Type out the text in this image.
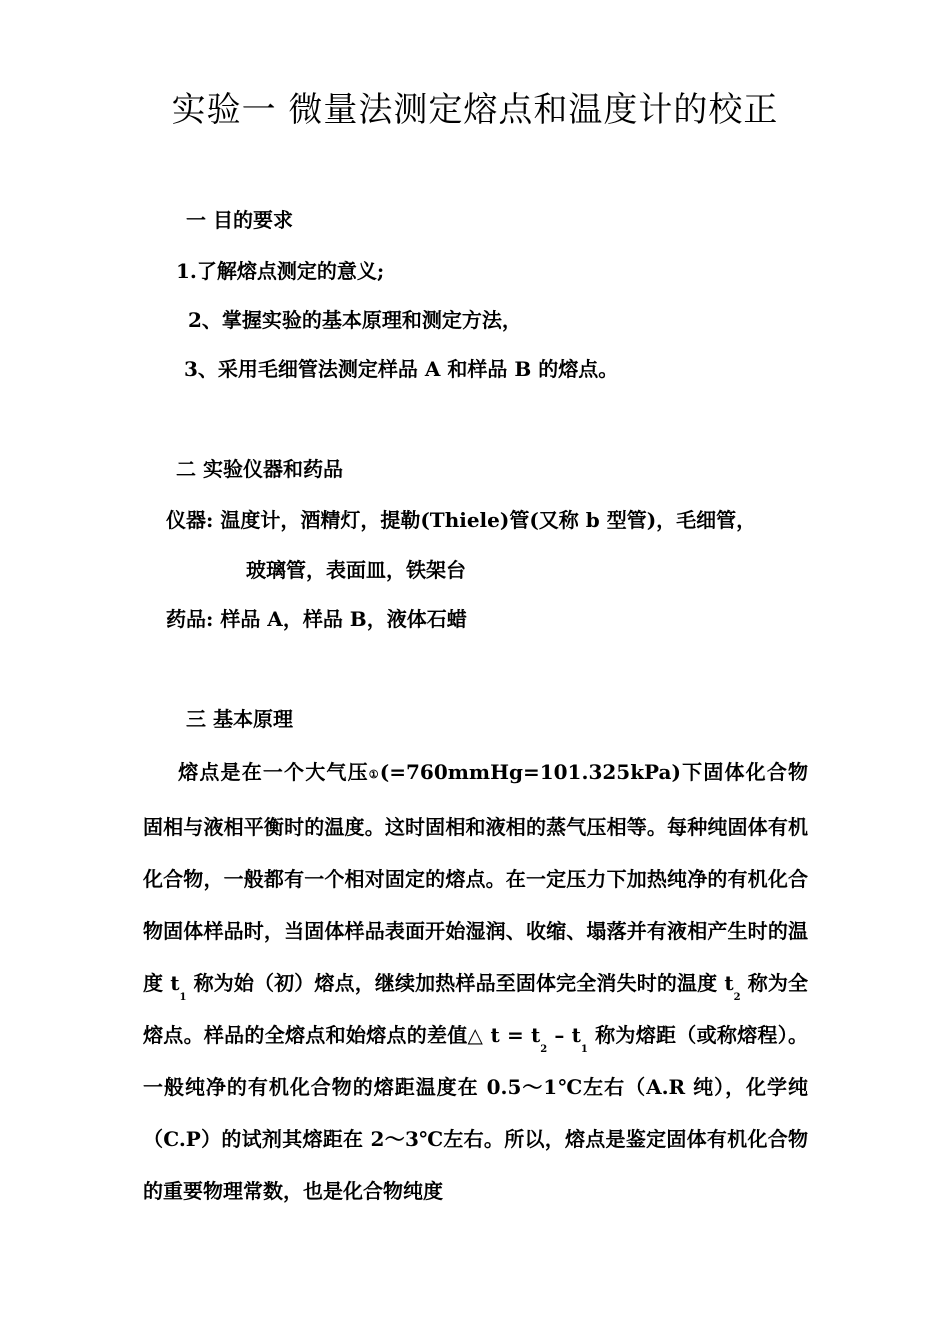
实验一 微量法测定熔点和温度计的校正

一 目的要求

1.了解熔点测定的意义;

2、掌握实验的基本原理和测定方法，

3、采用毛细管法测定样品 A 和样品 B 的熔点。

二 实验仪器和药品

仪器: 温度计，酒精灯，提勒(Thiele)管(又称 b 型管)，毛细管，

玻璃管，表面皿，铁架台

药品: 样品 A，样品 B，液体石蜡

三 基本原理

熔点是在一个大气压①(=760mmHg=101.325kPa)下固体化合物固相与液相平衡时的温度。这时固相和液相的蒸气压相等。每种纯固体有机化合物，一般都有一个相对固定的熔点。在一定压力下加热纯净的有机化合物固体样品时，当固体样品表面开始湿润、收缩、塌落并有液相产生时的温度 $t_1$ 称为始（初）熔点，继续加热样品至固体完全消失时的温度 $t_2$ 称为全熔点。样品的全熔点和始熔点的差值△ $t = t_2 - t_1$ 称为熔距（或称熔程）。一般纯净的有机化合物的熔距温度在 0.5～1℃左右（A.R 纯），化学纯（C.P）的试剂其熔距在 2～3℃左右。所以，熔点是鉴定固体有机化合物的重要物理常数，也是化合物纯度
